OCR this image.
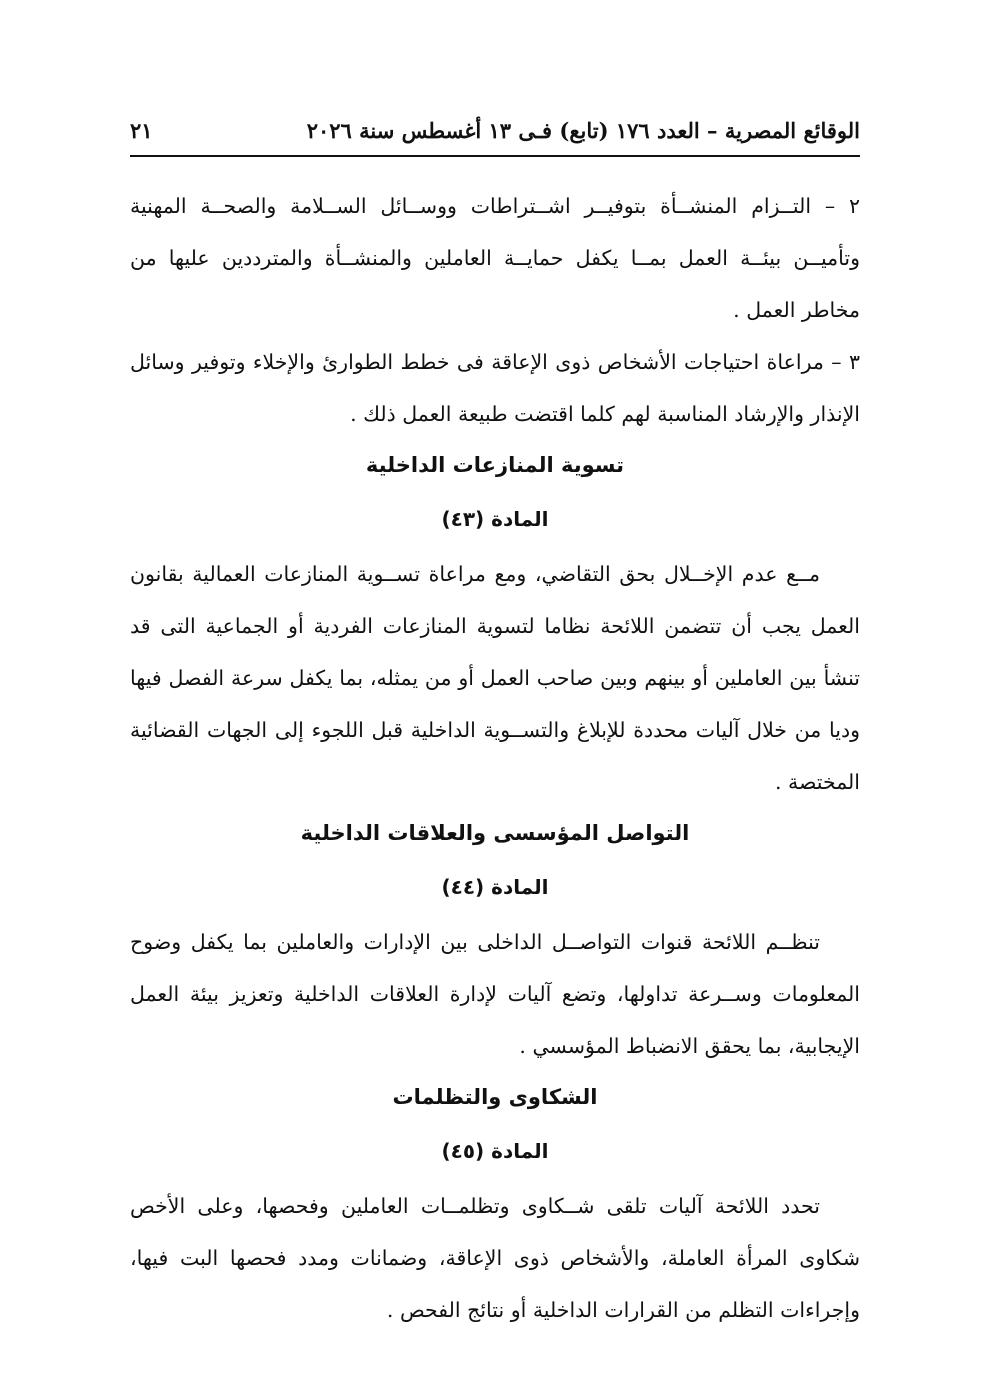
الوقائع المصرية – العدد ١٧٦ (تابع) فـى ١٣ أغسطس سنة ٢٠٢٦
٢١

٢ – التــزام المنشــأة بتوفيــر اشــتراطات ووســائل الســلامة والصحــة المهنية وتأميــن بيئــة العمل بمــا يكفل حمايــة العاملين والمنشــأة والمترددين عليها من مخاطر العمل .

٣ – مراعاة احتياجات الأشخاص ذوى الإعاقة فى خطط الطوارئ والإخلاء وتوفير وسائل الإنذار والإرشاد المناسبة لهم كلما اقتضت طبيعة العمل ذلك .

تسوية المنازعات الداخلية

المادة (٤٣)

مــع عدم الإخــلال بحق التقاضي، ومع مراعاة تســوية المنازعات العمالية بقانون العمل يجب أن تتضمن اللائحة نظاما لتسوية المنازعات الفردية أو الجماعية التى قد تنشأ بين العاملين أو بينهم وبين صاحب العمل أو من يمثله، بما يكفل سرعة الفصل فيها وديا من خلال آليات محددة للإبلاغ والتســوية الداخلية قبل اللجوء إلى الجهات القضائية المختصة .

التواصل المؤسسى والعلاقات الداخلية

المادة (٤٤)

تنظــم اللائحة قنوات التواصــل الداخلى بين الإدارات والعاملين بما يكفل وضوح المعلومات وســرعة تداولها، وتضع آليات لإدارة العلاقات الداخلية وتعزيز بيئة العمل الإيجابية، بما يحقق الانضباط المؤسسي .

الشكاوى والتظلمات

المادة (٤٥)

تحدد اللائحة آليات تلقى شــكاوى وتظلمــات العاملين وفحصها، وعلى الأخص شكاوى المرأة العاملة، والأشخاص ذوى الإعاقة، وضمانات ومدد فحصها البت فيها، وإجراءات التظلم من القرارات الداخلية أو نتائج الفحص .
